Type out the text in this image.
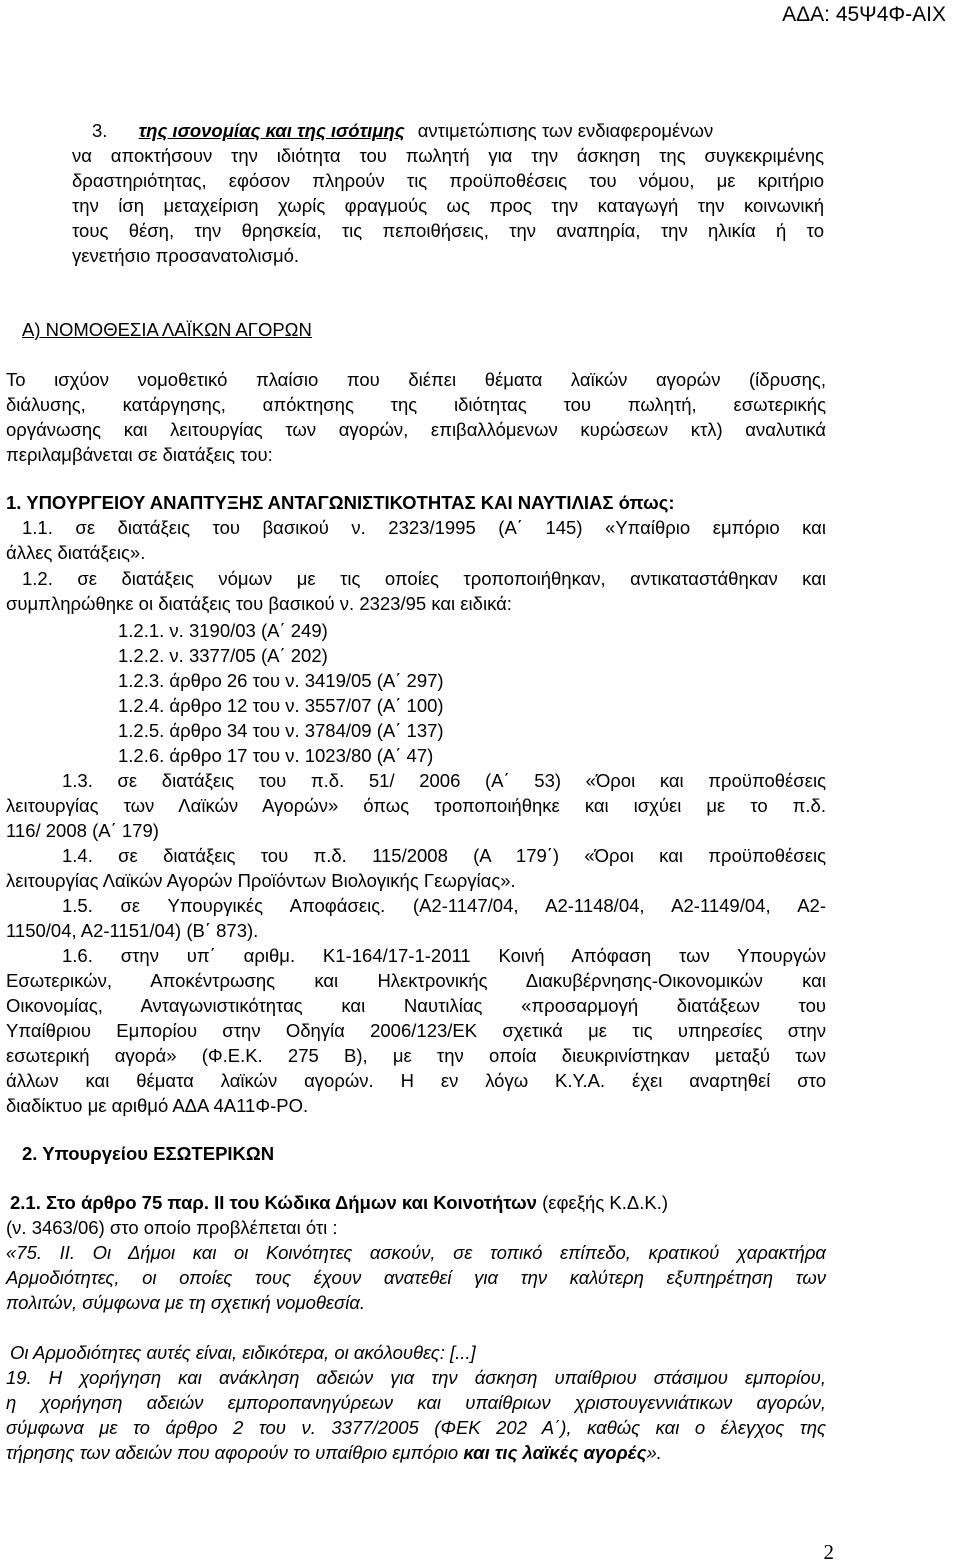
ΑΔΑ: 45Ψ4Φ-ΑΙΧ
3. της ισονομίας και της ισότιμης αντιμετώπισης των ενδιαφερομένων
να αποκτήσουν την ιδιότητα του πωλητή για την άσκηση της συγκεκριμένης
δραστηριότητας, εφόσον πληρούν τις προϋποθέσεις του νόμου, με κριτήριο
την ίση μεταχείριση χωρίς φραγμούς ως προς την καταγωγή την κοινωνική
τους θέση, την θρησκεία, τις πεποιθήσεις, την αναπηρία, την ηλικία ή το
γενετήσιο προσανατολισμό.
Α) ΝΟΜΟΘΕΣΙΑ ΛΑΪΚΩΝ ΑΓΟΡΩΝ
Το ισχύον νομοθετικό πλαίσιο που διέπει θέματα λαϊκών αγορών (ίδρυσης,
διάλυσης, κατάργησης, απόκτησης της ιδιότητας του πωλητή, εσωτερικής
οργάνωσης και λειτουργίας των αγορών, επιβαλλόμενων κυρώσεων κτλ) αναλυτικά
περιλαμβάνεται σε διατάξεις του:
1. ΥΠΟΥΡΓΕΙΟΥ ΑΝΑΠΤΥΞΗΣ ΑΝΤΑΓΩΝΙΣΤΙΚΟΤΗΤΑΣ ΚΑΙ ΝΑΥΤΙΛΙΑΣ όπως:
1.1. σε διατάξεις του βασικού ν. 2323/1995 (Α΄ 145) «Υπαίθριο εμπόριο και
άλλες διατάξεις».
1.2. σε διατάξεις νόμων με τις οποίες τροποποιήθηκαν, αντικαταστάθηκαν και
συμπληρώθηκε οι διατάξεις του βασικού ν. 2323/95 και ειδικά:
1.2.1. ν. 3190/03 (Α΄ 249)
1.2.2. ν. 3377/05 (Α΄ 202)
1.2.3. άρθρο 26 του ν. 3419/05 (Α΄ 297)
1.2.4. άρθρο 12 του ν. 3557/07 (Α΄ 100)
1.2.5. άρθρο 34 του ν. 3784/09 (Α΄ 137)
1.2.6. άρθρο 17 του ν. 1023/80 (Α΄ 47)
1.3. σε διατάξεις του π.δ. 51/ 2006 (Α΄ 53) «Όροι και προϋποθέσεις
λειτουργίας των Λαϊκών Αγορών» όπως τροποποιήθηκε και ισχύει με το π.δ.
116/ 2008 (Α΄ 179)
1.4. σε διατάξεις του π.δ. 115/2008 (Α 179΄) «Όροι και προϋποθέσεις
λειτουργίας Λαϊκών Αγορών Προϊόντων Βιολογικής Γεωργίας».
1.5. σε Υπουργικές Αποφάσεις. (Α2-1147/04, Α2-1148/04, Α2-1149/04, Α2-
1150/04, Α2-1151/04) (Β΄ 873).
1.6. στην υπ΄ αριθμ. Κ1-164/17-1-2011 Κοινή Απόφαση των Υπουργών
Εσωτερικών, Αποκέντρωσης και Ηλεκτρονικής Διακυβέρνησης-Οικονομικών και
Οικονομίας, Ανταγωνιστικότητας και Ναυτιλίας «προσαρμογή διατάξεων του
Υπαίθριου Εμπορίου στην Οδηγία 2006/123/ΕΚ σχετικά με τις υπηρεσίες στην
εσωτερική αγορά» (Φ.Ε.Κ. 275 Β), με την οποία διευκρινίστηκαν μεταξύ των
άλλων και θέματα λαϊκών αγορών. Η εν λόγω Κ.Υ.Α. έχει αναρτηθεί στο
διαδίκτυο με αριθμό ΑΔΑ 4Α11Φ-ΡΟ.
2. Υπουργείου ΕΣΩΤΕΡΙΚΩΝ
2.1. Στο άρθρο 75 παρ. ΙΙ του Κώδικα Δήμων και Κοινοτήτων (εφεξής Κ.Δ.Κ.)
(ν. 3463/06) στο οποίο προβλέπεται ότι :
«75. ΙΙ. Οι Δήμοι και οι Κοινότητες ασκούν, σε τοπικό επίπεδο, κρατικού χαρακτήρα
Αρμοδιότητες, οι οποίες τους έχουν ανατεθεί για την καλύτερη εξυπηρέτηση των
πολιτών, σύμφωνα με τη σχετική νομοθεσία.
Οι Αρμοδιότητες αυτές είναι, ειδικότερα, οι ακόλουθες: [...]
19. Η χορήγηση και ανάκληση αδειών για την άσκηση υπαίθριου στάσιμου εμπορίου,
η χορήγηση αδειών εμποροπανηγύρεων και υπαίθριων χριστουγεννιάτικων αγορών,
σύμφωνα με το άρθρο 2 του ν. 3377/2005 (ΦΕΚ 202 Α΄), καθώς και ο έλεγχος της
τήρησης των αδειών που αφορούν το υπαίθριο εμπόριο και τις λαϊκές αγορές».
2
